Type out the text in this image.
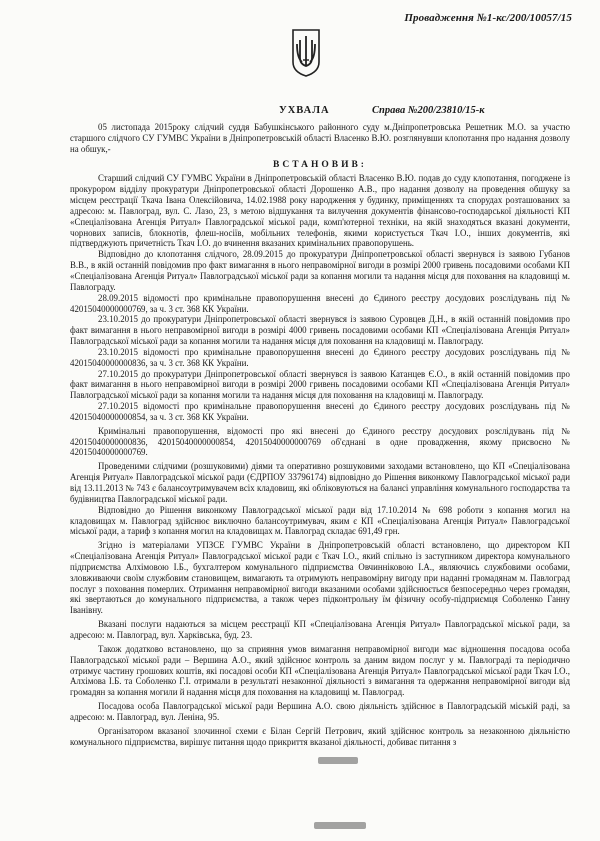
Провадження №1-кс/200/10057/15
УХВАЛА	Справа №200/23810/15-к

05 листопада 2015року слідчий суддя Бабушкінського районного суду м.Дніпропетровська Решетник М.О. за участю старшого слідчого СУ ГУМВС України в Дніпропетровській області Власенко В.Ю. розглянувши клопотання про надання дозволу на обшук,-

ВСТАНОВИВ:

Старший слідчий СУ ГУМВС України в Дніпропетровській області Власенко В.Ю. подав до суду клопотання, погоджене із прокурором відділу прокуратури Дніпропетровської області Дорошенко А.В., про надання дозволу на проведення обшуку за місцем реєстрації Ткача Івана Олексійовича, 14.02.1988 року народження у будинку, приміщеннях та спорудах розташованих за адресою: м. Павлоград, вул. С. Лазо, 23, з метою відшукання та вилучення документів фінансово-господарської діяльності КП «Спеціалізована Агенція Ритуал» Павлоградської міської ради, комп'ютерної техніки, на якій знаходяться вказані документи, чорнових записів, блокнотів, флеш-носіїв, мобільних телефонів, якими користується Ткач І.О., інших документів, які підтверджують причетність Ткач І.О. до вчинення вказаних кримінальних правопорушень.

Відповідно до клопотання слідчого, 28.09.2015 до прокуратури Дніпропетровської області звернувся із заявою Губанов В.В., в якій останній повідомив про факт вимагання в нього неправомірної вигоди в розмірі 2000 гривень посадовими особами КП «Спеціалізована Агенція Ритуал» Павлоградської міської ради за копання могили та надання місця для поховання на кладовищі м. Павлограду.

28.09.2015 відомості про кримінальне правопорушення внесені до Єдиного реєстру досудових розслідувань під № 42015040000000769, за ч. 3 ст. 368 КК України.

23.10.2015 до прокуратури Дніпропетровської області звернувся із заявою Суровцев Д.Н., в якій останній повідомив про факт вимагання в нього неправомірної вигоди в розмірі 4000 гривень посадовими особами КП «Спеціалізована Агенція Ритуал» Павлоградської міської ради за копання могили та надання місця для поховання на кладовищі м. Павлограду.

23.10.2015 відомості про кримінальне правопорушення внесені до Єдиного реєстру досудових розслідувань під № 42015040000000836, за ч. 3 ст. 368 КК України.

27.10.2015 до прокуратури Дніпропетровської області звернувся із заявою Катанцев Є.О., в якій останній повідомив про факт вимагання в нього неправомірної вигоди в розмірі 2000 гривень посадовими особами КП «Спеціалізована Агенція Ритуал» Павлоградської міської ради за копання могили та надання місця для поховання на кладовищі м. Павлограду.

27.10.2015 відомості про кримінальне правопорушення внесені до Єдиного реєстру досудових розслідувань під № 42015040000000854, за ч. 3 ст. 368 КК України.

Кримінальні правопорушення, відомості про які внесені до Єдиного реєстру досудових розслідувань під № 42015040000000836, 42015040000000854, 42015040000000769 об'єднані в одне провадження, якому присвоєно № 42015040000000769.

Проведеними слідчими (розшуковими) діями та оперативно розшуковими заходами встановлено, що КП «Спеціалізована Агенція Ритуал» Павлоградської міської ради (ЄДРПОУ 33796174) відповідно до Рішення виконкому Павлоградської міської ради від 13.11.2013 № 743 є балансоутримувачем всіх кладовищ, які обліковуються на балансі управління комунального господарства та будівництва Павлоградської міської ради.

Відповідно до Рішення виконкому Павлоградської міської ради від 17.10.2014 № 698 роботи з копання могил на кладовищах м. Павлоград здійснює виключно балансоутримувач, яким є КП «Спеціалізована Агенція Ритуал» Павлоградської міської ради, а тариф з копання могил на кладовищах м. Павлоград складає 691,49 грн.

Згідно із матеріалами УПЗСЕ ГУМВС України в Дніпропетровській області встановлено, що директором КП «Спеціалізована Агенція Ритуал» Павлоградської міської ради є Ткач І.О., який спільно із заступником директора комунального підприємства Алхімовою І.Б., бухгалтером комунального підприємства Овчинніковою І.А., являючись службовими особами, зловживаючи своїм службовим становищем, вимагають та отримують неправомірну вигоду при наданні громадянам м. Павлоград послуг з поховання померлих. Отримання неправомірної вигоди вказаними особами здійснюється безпосередньо через громадян, які звертаються до комунального підприємства, а також через підконтрольну їм фізичну особу-підприємця Соболенко Ганну Іванівну.

Вказані послуги надаються за місцем реєстрації КП «Спеціалізована Агенція Ритуал» Павлоградської міської ради, за адресою: м. Павлоград, вул. Харківська, буд. 23.

Також додатково встановлено, що за сприяння умов вимагання неправомірної вигоди має відношення посадова особа Павлоградської міської ради – Вершина А.О., який здійснює контроль за даним видом послуг у м. Павлограді та періодично отримує частину грошових коштів, які посадові особи КП «Спеціалізована Агенція Ритуал» Павлоградської міської ради Ткач І.О., Алхімова І.Б. та Соболенко Г.І. отримали в результаті незаконної діяльності з вимагання та одержання неправомірної вигоди від громадян за копання могили й надання місця для поховання на кладовищі м. Павлоград.

Посадова особа Павлоградської міської ради Вершина А.О. свою діяльність здійснює в Павлоградській міській раді, за адресою: м. Павлоград, вул. Леніна, 95.

Організатором вказаної злочинної схеми є Білан Сергій Петрович, який здійснює контроль за незаконною діяльністю комунального підприємства, вирішує питання щодо прикриття вказаної діяльності, добиває питання з
